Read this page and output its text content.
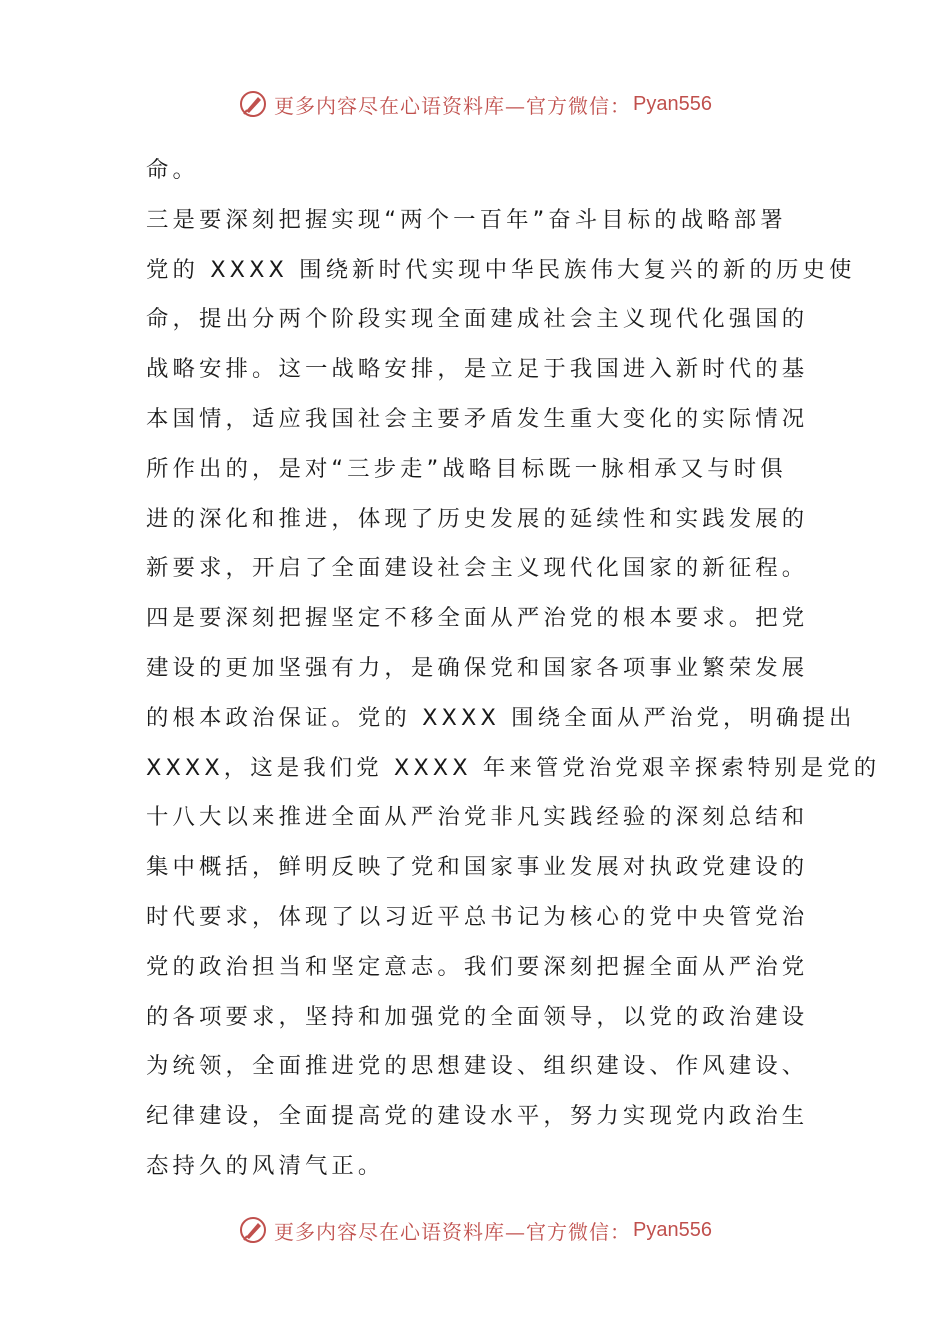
更多内容尽在心语资料库—官方微信： Pyan556
命。
三是要深刻把握实现“两个一百年”奋斗目标的战略部署
党的 XXXX 围绕新时代实现中华民族伟大复兴的新的历史使
命，提出分两个阶段实现全面建成社会主义现代化强国的
战略安排。这一战略安排，是立足于我国进入新时代的基
本国情，适应我国社会主要矛盾发生重大变化的实际情况
所作出的，是对“三步走”战略目标既一脉相承又与时俱
进的深化和推进，体现了历史发展的延续性和实践发展的
新要求，开启了全面建设社会主义现代化国家的新征程。
四是要深刻把握坚定不移全面从严治党的根本要求。把党
建设的更加坚强有力，是确保党和国家各项事业繁荣发展
的根本政治保证。党的 XXXX 围绕全面从严治党，明确提出
XXXX，这是我们党 XXXX 年来管党治党艰辛探索特别是党的
十八大以来推进全面从严治党非凡实践经验的深刻总结和
集中概括，鲜明反映了党和国家事业发展对执政党建设的
时代要求，体现了以习近平总书记为核心的党中央管党治
党的政治担当和坚定意志。我们要深刻把握全面从严治党
的各项要求，坚持和加强党的全面领导，以党的政治建设
为统领，全面推进党的思想建设、组织建设、作风建设、
纪律建设，全面提高党的建设水平，努力实现党内政治生
态持久的风清气正。
更多内容尽在心语资料库—官方微信： Pyan556
